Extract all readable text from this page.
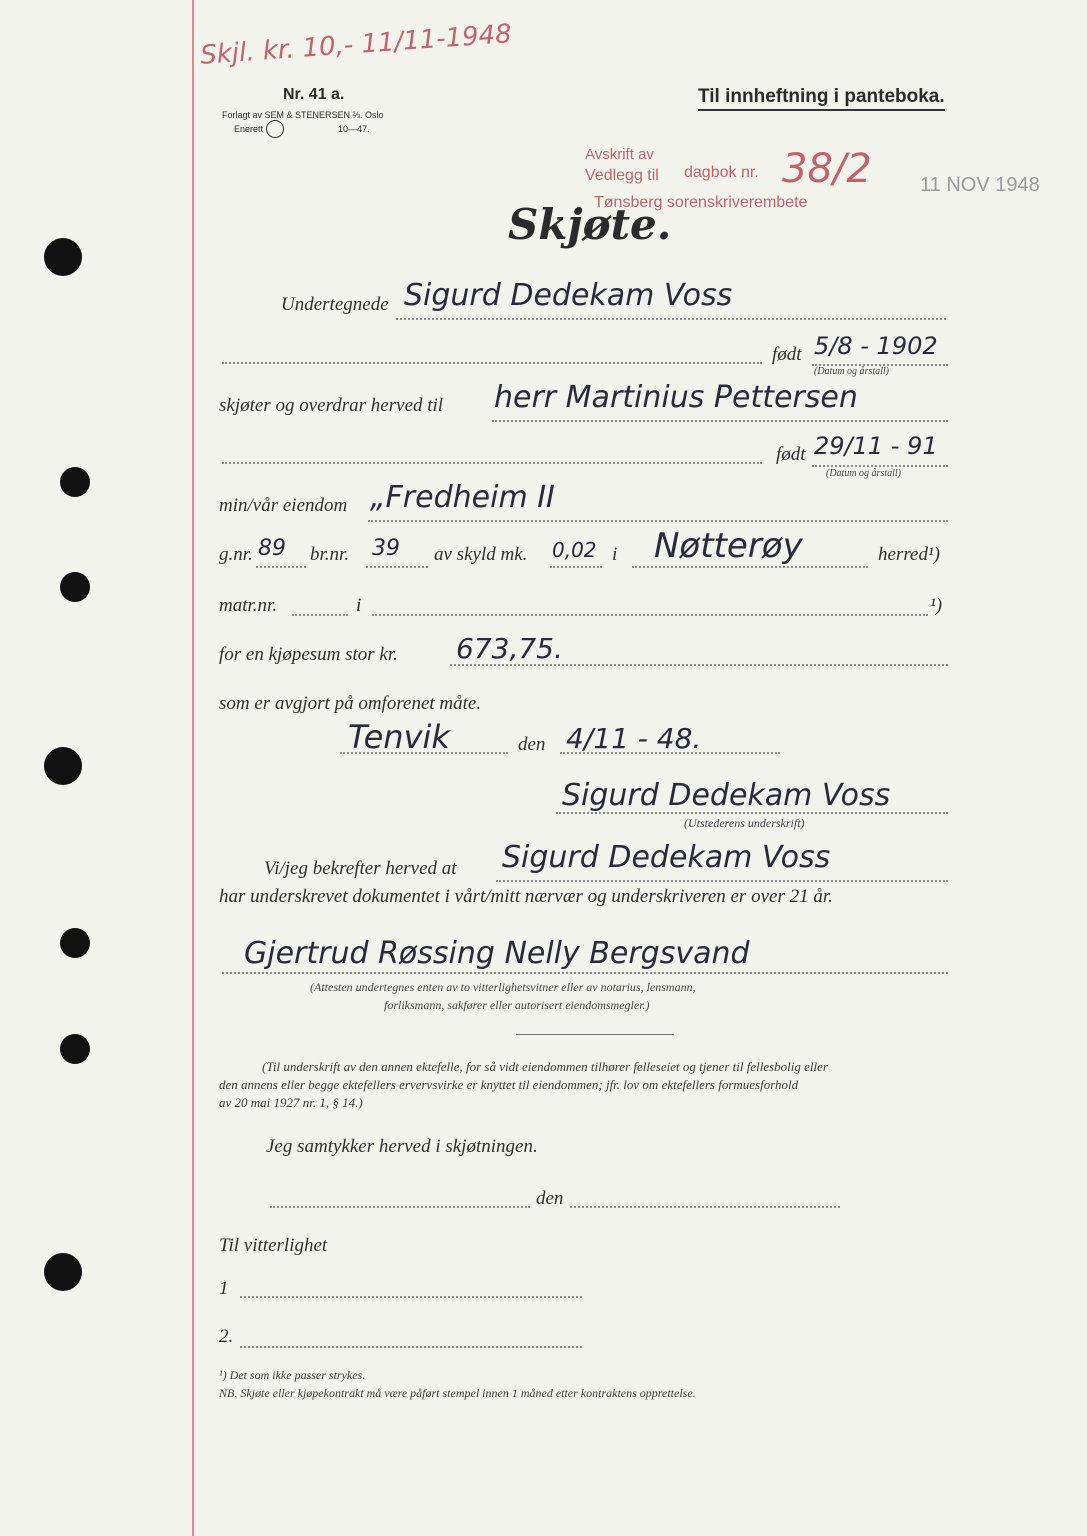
Skjl. kr. 10,- 11/11-1948
Nr. 41 a.
Forlagt av SEM & STENERSEN ⅔. Oslo
Enerett	10—47.
Til innheftning i panteboka.
Avskrift av
Vedlegg til dagbok nr. 38/2
Tønsberg sorenskriverembete
11 NOV 1948
Skjøte.
Undertegnede Sigurd Dedekam Voss
født 5/8 - 1902
(Datum og årstall)
skjøter og overdrar herved til herr Martinius Pettersen
født 29/11 - 91
(Datum og årstall)
min/vår eiendom „Fredheim II
g.nr. 89 br.nr. 39 av skyld mk. 0,02 i Nøtterøy	herred¹)
matr.nr.	i	¹)
for en kjøpesum stor kr. 673,75.
som er avgjort på omforenet måte.
Tenvik	den 4/11 - 48.
Sigurd Dedekam Voss
(Utstederens underskrift)
Vi/jeg bekrefter herved at Sigurd Dedekam Voss
har underskrevet dokumentet i vårt/mitt nærvær og underskriveren er over 21 år.
Gjertrud Røssing Nelly Bergsvand
(Attesten undertegnes enten av to vitterlighetsvitner eller av notarius, lensmann,
forliksmann, sakfører eller autorisert eiendomsmegler.)
(Til underskrift av den annen ektefelle, for så vidt eiendommen tilhører felleseiet og tjener til fellesbolig eller
den annens eller begge ektefellers ervervsvirke er knyttet til eiendommen; jfr. lov om ektefellers formuesforhold
av 20 mai 1927 nr. 1, § 14.)
Jeg samtykker herved i skjøtningen.
den
Til vitterlighet
1
2.
¹) Det som ikke passer strykes.
NB. Skjøte eller kjøpekontrakt må være påført stempel innen 1 måned etter kontraktens opprettelse.
